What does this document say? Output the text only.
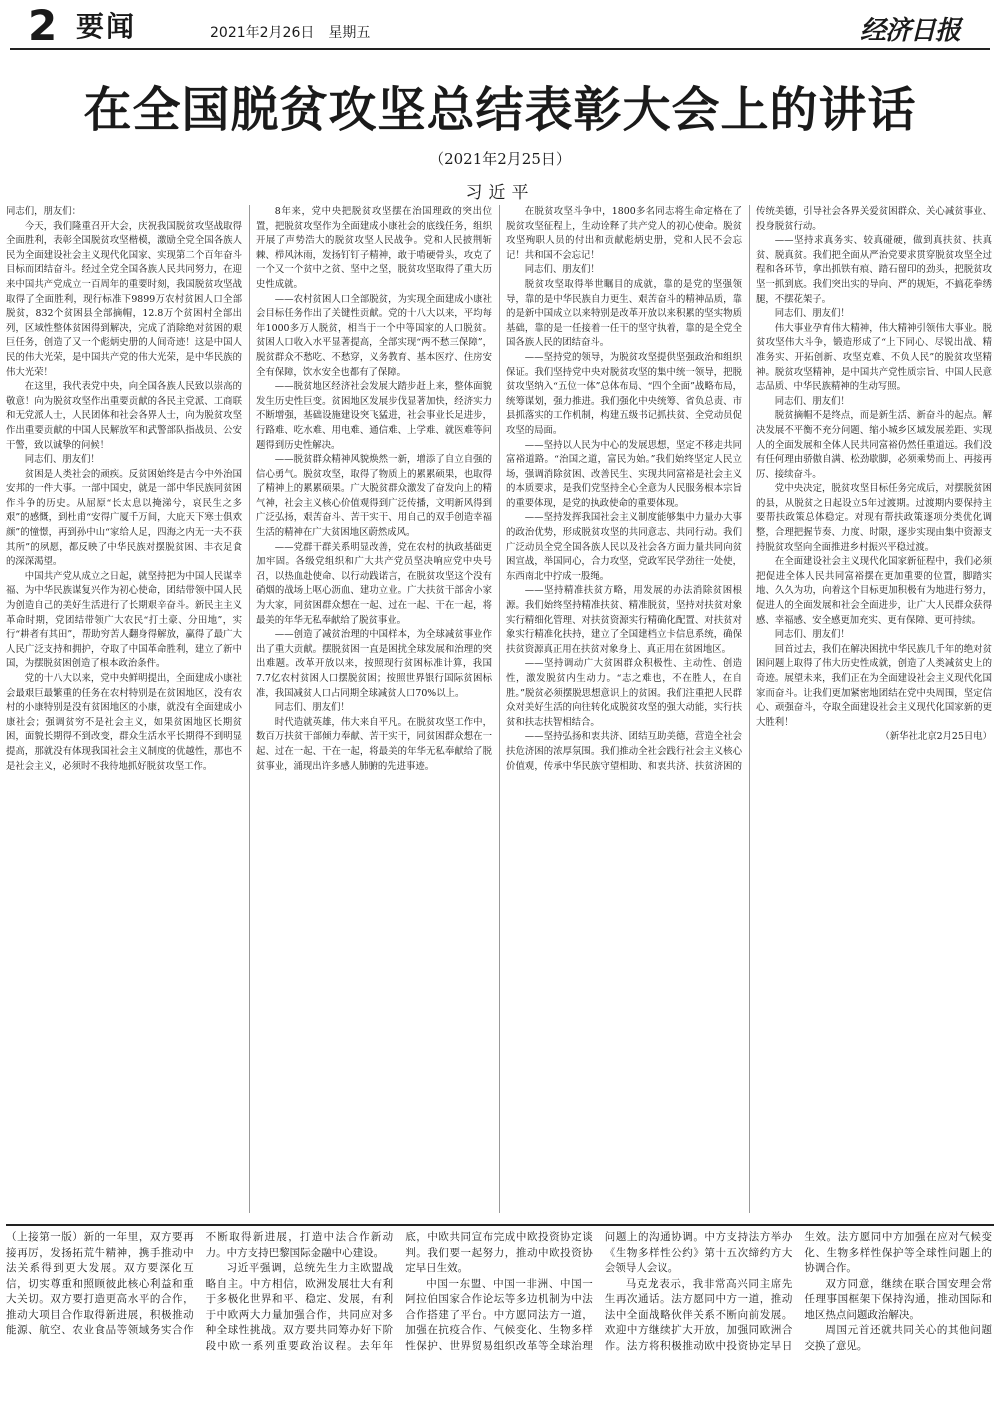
2 要闻	2021年2月26日　星期五	经济日报
在全国脱贫攻坚总结表彰大会上的讲话
（2021年2月25日）
习近平

同志们，朋友们：

今天，我们隆重召开大会，庆祝我国脱贫攻坚战取得全面胜利，表彰全国脱贫攻坚楷模，激励全党全国各族人民为全面建设社会主义现代化国家、实现第二个百年奋斗目标而团结奋斗。经过全党全国各族人民共同努力，在迎来中国共产党成立一百周年的重要时刻，我国脱贫攻坚战取得了全面胜利，现行标准下9899万农村贫困人口全部脱贫，832个贫困县全部摘帽，12.8万个贫困村全部出列，区域性整体贫困得到解决，完成了消除绝对贫困的艰巨任务，创造了又一个彪炳史册的人间奇迹！这是中国人民的伟大光荣，是中国共产党的伟大光荣，是中华民族的伟大光荣！

在这里，我代表党中央，向全国各族人民致以崇高的敬意！向为脱贫攻坚作出重要贡献的各民主党派、工商联和无党派人士，人民团体和社会各界人士，向为脱贫攻坚作出重要贡献的中国人民解放军和武警部队指战员、公安干警，致以诚挚的问候！

同志们、朋友们！

贫困是人类社会的顽疾。反贫困始终是古今中外治国安邦的一件大事。一部中国史，就是一部中华民族同贫困作斗争的历史。从屈原“长太息以掩涕兮，哀民生之多艰”的感慨，到杜甫“安得广厦千万间，大庇天下寒士俱欢颜”的憧憬，再到孙中山“家给人足，四海之内无一夫不获其所”的夙愿，都反映了中华民族对摆脱贫困、丰衣足食的深深渴望。

中国共产党从成立之日起，就坚持把为中国人民谋幸福、为中华民族谋复兴作为初心使命，团结带领中国人民为创造自己的美好生活进行了长期艰辛奋斗。新民主主义革命时期，党团结带领广大农民“打土豪、分田地”，实行“耕者有其田”，帮助穷苦人翻身得解放，赢得了最广大人民广泛支持和拥护，夺取了中国革命胜利，建立了新中国，为摆脱贫困创造了根本政治条件。

党的十八大以来，党中央鲜明提出，全面建成小康社会最艰巨最繁重的任务在农村特别是在贫困地区，没有农村的小康特别是没有贫困地区的小康，就没有全面建成小康社会；强调贫穷不是社会主义，如果贫困地区长期贫困，面貌长期得不到改变，群众生活水平长期得不到明显提高，那就没有体现我国社会主义制度的优越性，那也不是社会主义，必须时不我待地抓好脱贫攻坚工作。

8年来，党中央把脱贫攻坚摆在治国理政的突出位置，把脱贫攻坚作为全面建成小康社会的底线任务，组织开展了声势浩大的脱贫攻坚人民战争。党和人民披荆斩棘、栉风沐雨，发扬钉钉子精神，敢于啃硬骨头，攻克了一个又一个贫中之贫、坚中之坚，脱贫攻坚取得了重大历史性成就。

——农村贫困人口全部脱贫，为实现全面建成小康社会目标任务作出了关键性贡献。党的十八大以来，平均每年1000多万人脱贫，相当于一个中等国家的人口脱贫。贫困人口收入水平显著提高，全部实现“两不愁三保障”，脱贫群众不愁吃、不愁穿，义务教育、基本医疗、住房安全有保障，饮水安全也都有了保障。

——脱贫地区经济社会发展大踏步赶上来，整体面貌发生历史性巨变。贫困地区发展步伐显著加快，经济实力不断增强，基础设施建设突飞猛进，社会事业长足进步，行路难、吃水难、用电难、通信难、上学难、就医难等问题得到历史性解决。

——脱贫群众精神风貌焕然一新，增添了自立自强的信心勇气。脱贫攻坚，取得了物质上的累累硕果，也取得了精神上的累累硕果。广大脱贫群众激发了奋发向上的精气神，社会主义核心价值观得到广泛传播，文明新风得到广泛弘扬，艰苦奋斗、苦干实干、用自己的双手创造幸福生活的精神在广大贫困地区蔚然成风。

——党群干群关系明显改善，党在农村的执政基础更加牢固。各级党组织和广大共产党员坚决响应党中央号召，以热血赴使命、以行动践诺言，在脱贫攻坚这个没有硝烟的战场上呕心沥血、建功立业。广大扶贫干部舍小家为大家，同贫困群众想在一起、过在一起、干在一起，将最美的年华无私奉献给了脱贫事业。

——创造了减贫治理的中国样本，为全球减贫事业作出了重大贡献。摆脱贫困一直是困扰全球发展和治理的突出难题。改革开放以来，按照现行贫困标准计算，我国7.7亿农村贫困人口摆脱贫困；按照世界银行国际贫困标准，我国减贫人口占同期全球减贫人口70%以上。

同志们、朋友们！

时代造就英雄，伟大来自平凡。在脱贫攻坚工作中，数百万扶贫干部倾力奉献、苦干实干，同贫困群众想在一起、过在一起、干在一起，将最美的年华无私奉献给了脱贫事业，涌现出许多感人肺腑的先进事迹。

在脱贫攻坚斗争中，1800多名同志将生命定格在了脱贫攻坚征程上，生动诠释了共产党人的初心使命。脱贫攻坚殉职人员的付出和贡献彪炳史册，党和人民不会忘记！共和国不会忘记！

同志们、朋友们！

脱贫攻坚取得举世瞩目的成就，靠的是党的坚强领导，靠的是中华民族自力更生、艰苦奋斗的精神品质，靠的是新中国成立以来特别是改革开放以来积累的坚实物质基础，靠的是一任接着一任干的坚守执着，靠的是全党全国各族人民的团结奋斗。

——坚持党的领导，为脱贫攻坚提供坚强政治和组织保证。我们坚持党中央对脱贫攻坚的集中统一领导，把脱贫攻坚纳入“五位一体”总体布局、“四个全面”战略布局，统筹谋划，强力推进。我们强化中央统筹、省负总责、市县抓落实的工作机制，构建五级书记抓扶贫、全党动员促攻坚的局面。

——坚持以人民为中心的发展思想，坚定不移走共同富裕道路。“治国之道，富民为始。”我们始终坚定人民立场，强调消除贫困、改善民生、实现共同富裕是社会主义的本质要求，是我们党坚持全心全意为人民服务根本宗旨的重要体现，是党的执政使命的重要体现。

——坚持发挥我国社会主义制度能够集中力量办大事的政治优势，形成脱贫攻坚的共同意志、共同行动。我们广泛动员全党全国各族人民以及社会各方面力量共同向贫困宣战，举国同心，合力攻坚，党政军民学劲往一处使，东西南北中拧成一股绳。

——坚持精准扶贫方略，用发展的办法消除贫困根源。我们始终坚持精准扶贫、精准脱贫，坚持对扶贫对象实行精细化管理、对扶贫资源实行精确化配置、对扶贫对象实行精准化扶持，建立了全国建档立卡信息系统，确保扶贫资源真正用在扶贫对象身上、真正用在贫困地区。

——坚持调动广大贫困群众积极性、主动性、创造性，激发脱贫内生动力。“志之难也，不在胜人，在自胜。”脱贫必须摆脱思想意识上的贫困。我们注重把人民群众对美好生活的向往转化成脱贫攻坚的强大动能，实行扶贫和扶志扶智相结合。

——坚持弘扬和衷共济、团结互助美德，营造全社会扶危济困的浓厚氛围。我们推动全社会践行社会主义核心价值观，传承中华民族守望相助、和衷共济、扶贫济困的传统美德，引导社会各界关爱贫困群众、关心减贫事业、投身脱贫行动。

——坚持求真务实、较真碰硬，做到真扶贫、扶真贫、脱真贫。我们把全面从严治党要求贯穿脱贫攻坚全过程和各环节，拿出抓铁有痕、踏石留印的劲头，把脱贫攻坚一抓到底。我们突出实的导向、严的规矩，不搞花拳绣腿，不摆花架子。

同志们、朋友们！

伟大事业孕育伟大精神，伟大精神引领伟大事业。脱贫攻坚伟大斗争，锻造形成了“上下同心、尽锐出战、精准务实、开拓创新、攻坚克难、不负人民”的脱贫攻坚精神。脱贫攻坚精神，是中国共产党性质宗旨、中国人民意志品质、中华民族精神的生动写照。

同志们、朋友们！

脱贫摘帽不是终点，而是新生活、新奋斗的起点。解决发展不平衡不充分问题、缩小城乡区域发展差距、实现人的全面发展和全体人民共同富裕仍然任重道远。我们没有任何理由骄傲自满、松劲歇脚，必须乘势而上、再接再厉、接续奋斗。

党中央决定，脱贫攻坚目标任务完成后，对摆脱贫困的县，从脱贫之日起设立5年过渡期。过渡期内要保持主要帮扶政策总体稳定。对现有帮扶政策逐项分类优化调整，合理把握节奏、力度、时限，逐步实现由集中资源支持脱贫攻坚向全面推进乡村振兴平稳过渡。

在全面建设社会主义现代化国家新征程中，我们必须把促进全体人民共同富裕摆在更加重要的位置，脚踏实地、久久为功，向着这个目标更加积极有为地进行努力，促进人的全面发展和社会全面进步，让广大人民群众获得感、幸福感、安全感更加充实、更有保障、更可持续。

同志们、朋友们！

回首过去，我们在解决困扰中华民族几千年的绝对贫困问题上取得了伟大历史性成就，创造了人类减贫史上的奇迹。展望未来，我们正在为全面建设社会主义现代化国家而奋斗。让我们更加紧密地团结在党中央周围，坚定信心、顽强奋斗，夺取全面建设社会主义现代化国家新的更大胜利！

（新华社北京2月25日电）

（上接第一版）新的一年里，双方要再接再厉，发扬拓荒牛精神，携手推动中法关系得到更大发展。双方要深化互信，切实尊重和照顾彼此核心利益和重大关切。双方要打造更高水平的合作，推动大项目合作取得新进展，积极推动能源、航空、农业食品等领域务实合作不断取得新进展，打造中法合作新动力。中方支持巴黎国际金融中心建设。

习近平强调，总统先生力主欧盟战略自主。中方相信，欧洲发展壮大有利于多极化世界和平、稳定、发展，有利于中欧两大力量加强合作，共同应对多种全球性挑战。双方要共同筹办好下阶段中欧一系列重要政治议程。去年年底，中欧共同宣布完成中欧投资协定谈判。我们要一起努力，推动中欧投资协定早日生效。

中国一东盟、中国一非洲、中国一阿拉伯国家合作论坛等多边机制为中法合作搭建了平台。中方愿同法方一道，加强在抗疫合作、气候变化、生物多样性保护、世界贸易组织改革等全球治理问题上的沟通协调。中方支持法方举办《生物多样性公约》第十五次缔约方大会领导人会议。

马克龙表示，我非常高兴同主席先生再次通话。法方愿同中方一道，推动法中全面战略伙伴关系不断向前发展。欢迎中方继续扩大开放，加强同欧洲合作。法方将积极推动欧中投资协定早日生效。法方愿同中方加强在应对气候变化、生物多样性保护等全球性问题上的协调合作。

双方同意，继续在联合国安理会常任理事国框架下保持沟通，推动国际和地区热点问题政治解决。

周国元首还就共同关心的其他问题交换了意见。
